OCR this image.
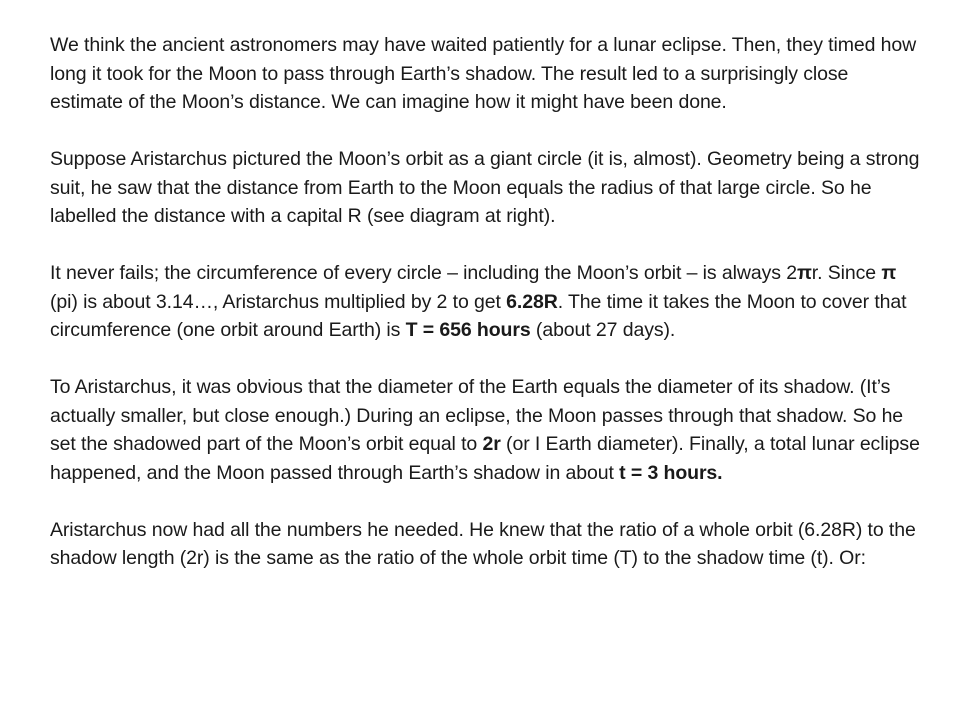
We think the ancient astronomers may have waited patiently for a lunar eclipse. Then, they timed how long it took for the Moon to pass through Earth’s shadow. The result led to a surprisingly close estimate of the Moon’s distance. We can imagine how it might have been done.

Suppose Aristarchus pictured the Moon’s orbit as a giant circle (it is, almost). Geometry being a strong suit, he saw that the distance from Earth to the Moon equals the radius of that large circle. So he labelled the distance with a capital R (see diagram at right).

It never fails; the circumference of every circle – including the Moon’s orbit – is always 2πr. Since π (pi) is about 3.14…, Aristarchus multiplied by 2 to get 6.28R. The time it takes the Moon to cover that circumference (one orbit around Earth) is T = 656 hours (about 27 days).

To Aristarchus, it was obvious that the diameter of the Earth equals the diameter of its shadow. (It’s actually smaller, but close enough.) During an eclipse, the Moon passes through that shadow. So he set the shadowed part of the Moon’s orbit equal to 2r (or I Earth diameter). Finally, a total lunar eclipse happened, and the Moon passed through Earth’s shadow in about t = 3 hours.

Aristarchus now had all the numbers he needed. He knew that the ratio of a whole orbit (6.28R) to the shadow length (2r) is the same as the ratio of the whole orbit time (T) to the shadow time (t). Or:
